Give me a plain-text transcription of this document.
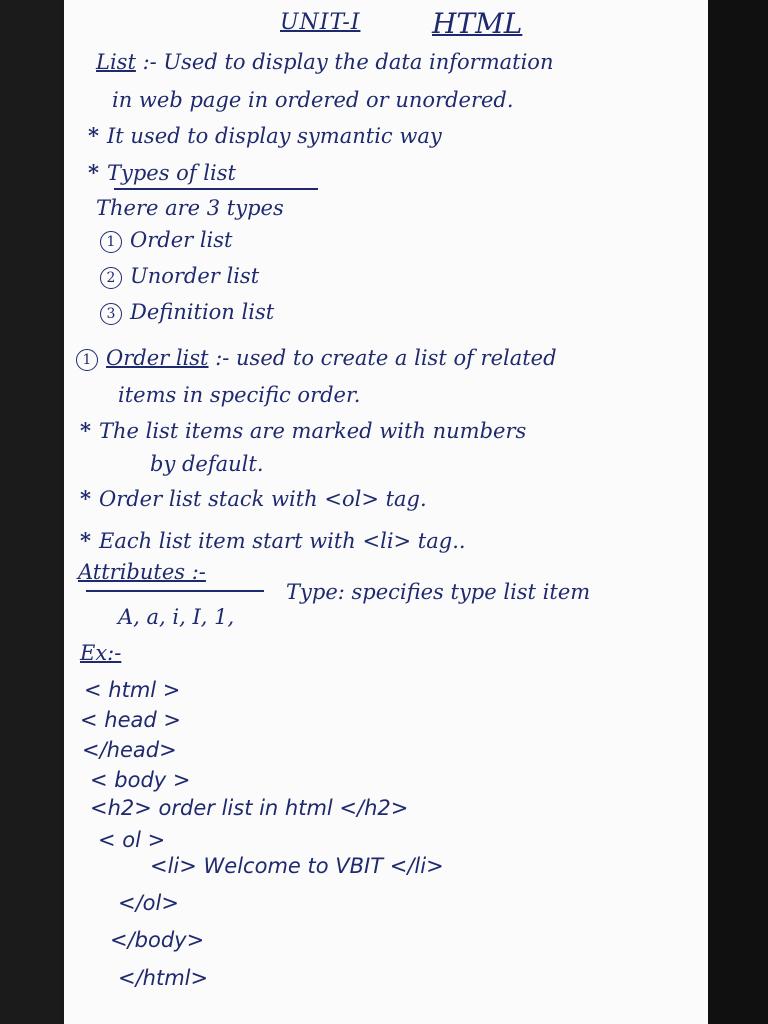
UNIT-I	HTML
List :- Used to display the data information
in web page in ordered or unordered.
* It used to display symantic way
* Types of list
There are 3 types
1 Order list
2 Unorder list
3 Definition list
1 Order list :- used to create a list of related
items in specific order.
* The list items are marked with numbers
by default.
* Order list stack with <ol> tag.
* Each list item start with <li> tag..
Attributes :-
Type: specifies type list item
A, a, i, I, 1,
Ex:-
< html >
< head >
</head>
< body >
<h2> order list in html </h2>
< ol >
<li> Welcome to VBIT </li>
</ol>
</body>
</html>
